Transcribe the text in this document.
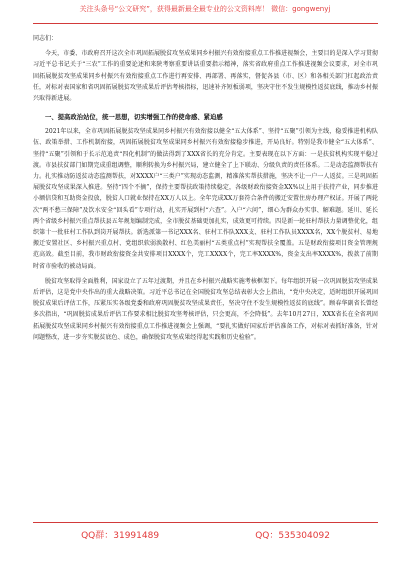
关注头条号“公文研究”，获得最新最全最专业的公文资料库！ 微信：gongwenyj

同志们：

今天，市委、市政府召开这次全市巩固拓展脱贫攻坚成果同乡村振兴有效衔接重点工作推进视频会，主要目的是深入学习贯彻习近平总书记关于“三农”工作的重要论述和来陕考察重要讲话重要指示精神，落实省政府重点工作推进视频会议要求，对全市巩固拓展脱贫攻坚成果同乡村振兴有效衔接重点工作进行再安排、再部署、再落实，督促各县（市、区）和各相关部门扛起政治责任，对标对表国家和省巩固拓展脱贫攻坚成果后评估考核指标，迅速补齐短板弱项，坚决守住不发生规模性返贫底线，推动乡村振兴取得新进展。

一、提高政治站位，统一思想，切实增强工作的使命感、紧迫感

2021年以来，全市巩固拓展脱贫攻坚成果同乡村振兴有效衔接以健全“五大体系”、坚持“五聚”引领为主线，稳妥推进机构队伍、政策举措、工作机制衔接，巩固拓展脱贫攻坚成果同乡村振兴有效衔接稳步推进，开局良好。特别是我市健全“五大体系”、坚持“五聚”引领和于长示范追责“四化机制”的做法得到了XXX省长的充分肯定。主要表现在以下方面：一是扶贫机构实现平稳过渡。市县扶贫部门如期完成重组调整，顺利转换为乡村振兴局，建立健全了上下联动、分级负责的责任体系。二是动态监测帮扶有力。扎实推动防返贫动态监测帮扶，对XXXX户“三类户”实现动态监测，精准落实帮扶措施，坚决不让一户一人返贫。三是巩固拓展脱贫攻坚成果深入推进。坚持“四个不摘”，保持主要帮扶政策持续稳定，各级财政衔接资金XX%以上用于扶持产业，同步推进小额信贷和互助资金投放，脱贫人口就业保持在XX万人以上。全年完成XX万套符合条件的搬迁安置住房办理产权证。开展了两轮次“两不愁三保障”及饮水安全“回头看”专项行动，扎实开展到村“六查”。入户“六问”，细心为群众办实事、解难题。延川、延长两个省级乡村振兴重点帮扶县五年规划编制完成，全市脱贫基础更加扎实，成效更可持续。四是新一轮驻村帮扶力量调整优化，组织第十一批驻村工作队到岗开展帮扶。新选派第一书记XXX名、驻村工作队XXX支、驻村工作队员XXXX名，XX个脱贫村、易地搬迁安置社区、乡村振兴重点村、党组织软弱涣散村、红色美丽村“五类重点村”实现帮扶全覆盖。五是财政衔接项目资金管理规范高效。截至目前，我市财政衔接资金共安排项目XXXX个，完工XXXX个，完工率XXXX%，资金支出率XXXX%，拨款了前期时省市验收的被动局面。

脱贫攻坚取得全面胜利，国家设立了五年过渡期，并且在乡村振兴战略实施考核框架下。每年组织开展一次巩固脱贫攻坚成果后评估，这是党中央作出的重大战略决策。习近平总书记在全国脱贫攻坚总结表彰大会上指出，“党中央决定，适时组织开展巩固脱贫成果后评估工作，压紧压实各级党委和政府巩固脱贫攻坚成果责任，坚决守住不发生规模性返贫的底线”。顾春华副省长曾经多次指出，“巩固脱贫成果后评估工作要求相比脱贫攻坚考核评估，只会更高，不会降低”。去年10月27日，XXX省长在全省巩固拓展脱贫攻坚成果同乡村振兴有效衔接重点工作推进视频会上强调，“要扎实做好国家后评估准备工作，对标对表抓好准备，针对问题整改，进一步夯实脱贫底色、成色，确保脱贫攻坚成果经得起实践和历史检验”。

QQ群：31991489	QQ：535304092
